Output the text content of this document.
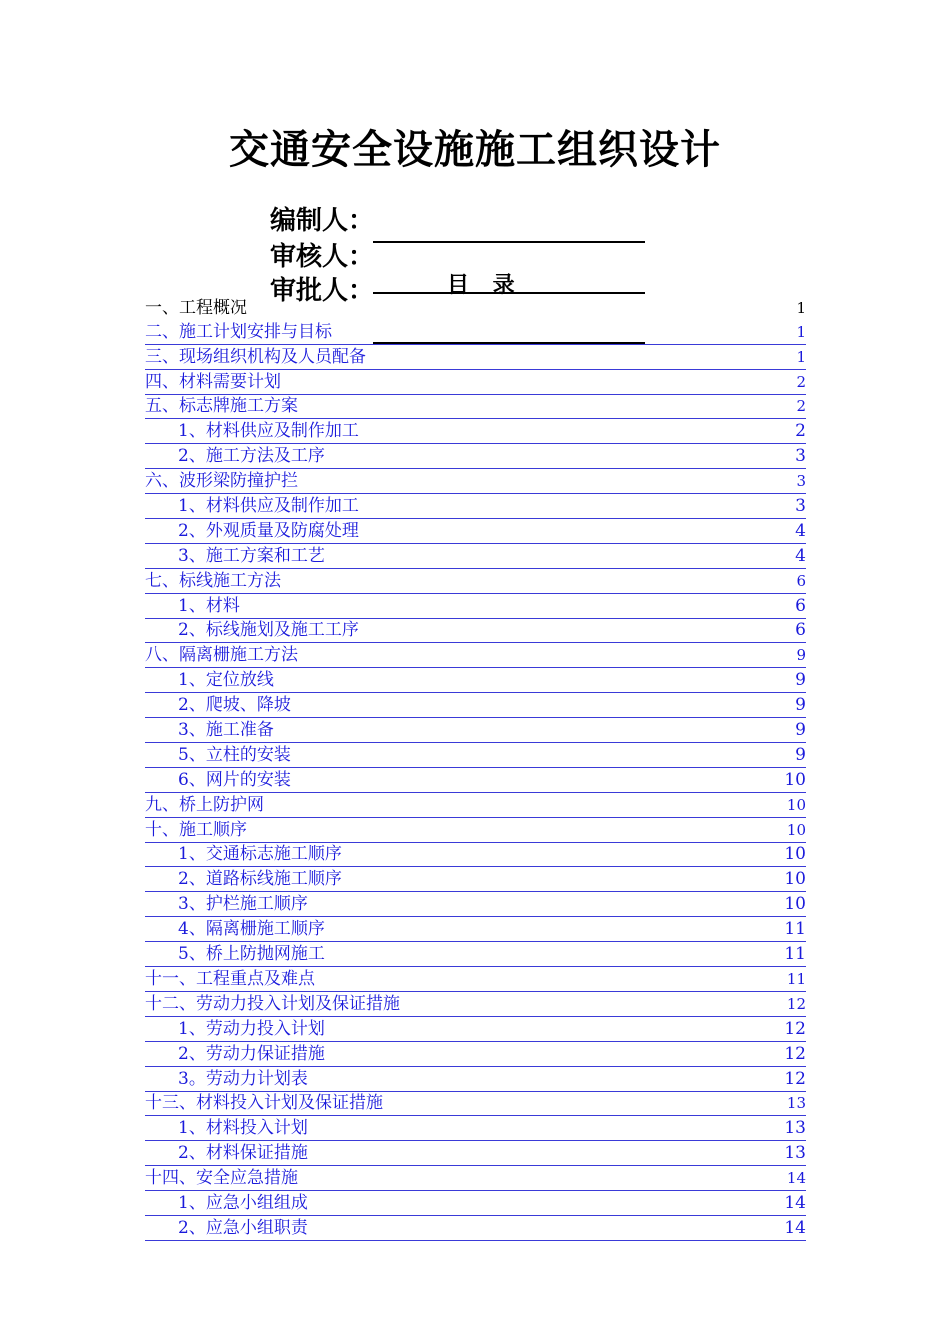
交通安全设施施工组织设计
编制人：
审核人：
审批人：	目 录
一、工程概况	1
二、施工计划安排与目标	1
三、现场组织机构及人员配备	1
四、材料需要计划	2
五、标志牌施工方案	2
1、材料供应及制作加工	2
2、施工方法及工序	3
六、波形梁防撞护拦	3
1、材料供应及制作加工	3
2、外观质量及防腐处理	4
3、施工方案和工艺	4
七、标线施工方法	6
1、材料	6
2、标线施划及施工工序	6
八、隔离栅施工方法	9
1、定位放线	9
2、爬坡、降坡	9
3、施工准备	9
5、立柱的安装	9
6、网片的安装	10
九、桥上防护网	10
十、施工顺序	10
1、交通标志施工顺序	10
2、道路标线施工顺序	10
3、护栏施工顺序	10
4、隔离栅施工顺序	11
5、桥上防抛网施工	11
十一、工程重点及难点	11
十二、劳动力投入计划及保证措施	12
1、劳动力投入计划	12
2、劳动力保证措施	12
3。劳动力计划表	12
十三、材料投入计划及保证措施	13
1、材料投入计划	13
2、材料保证措施	13
十四、安全应急措施	14
1、应急小组组成	14
2、应急小组职责	14
